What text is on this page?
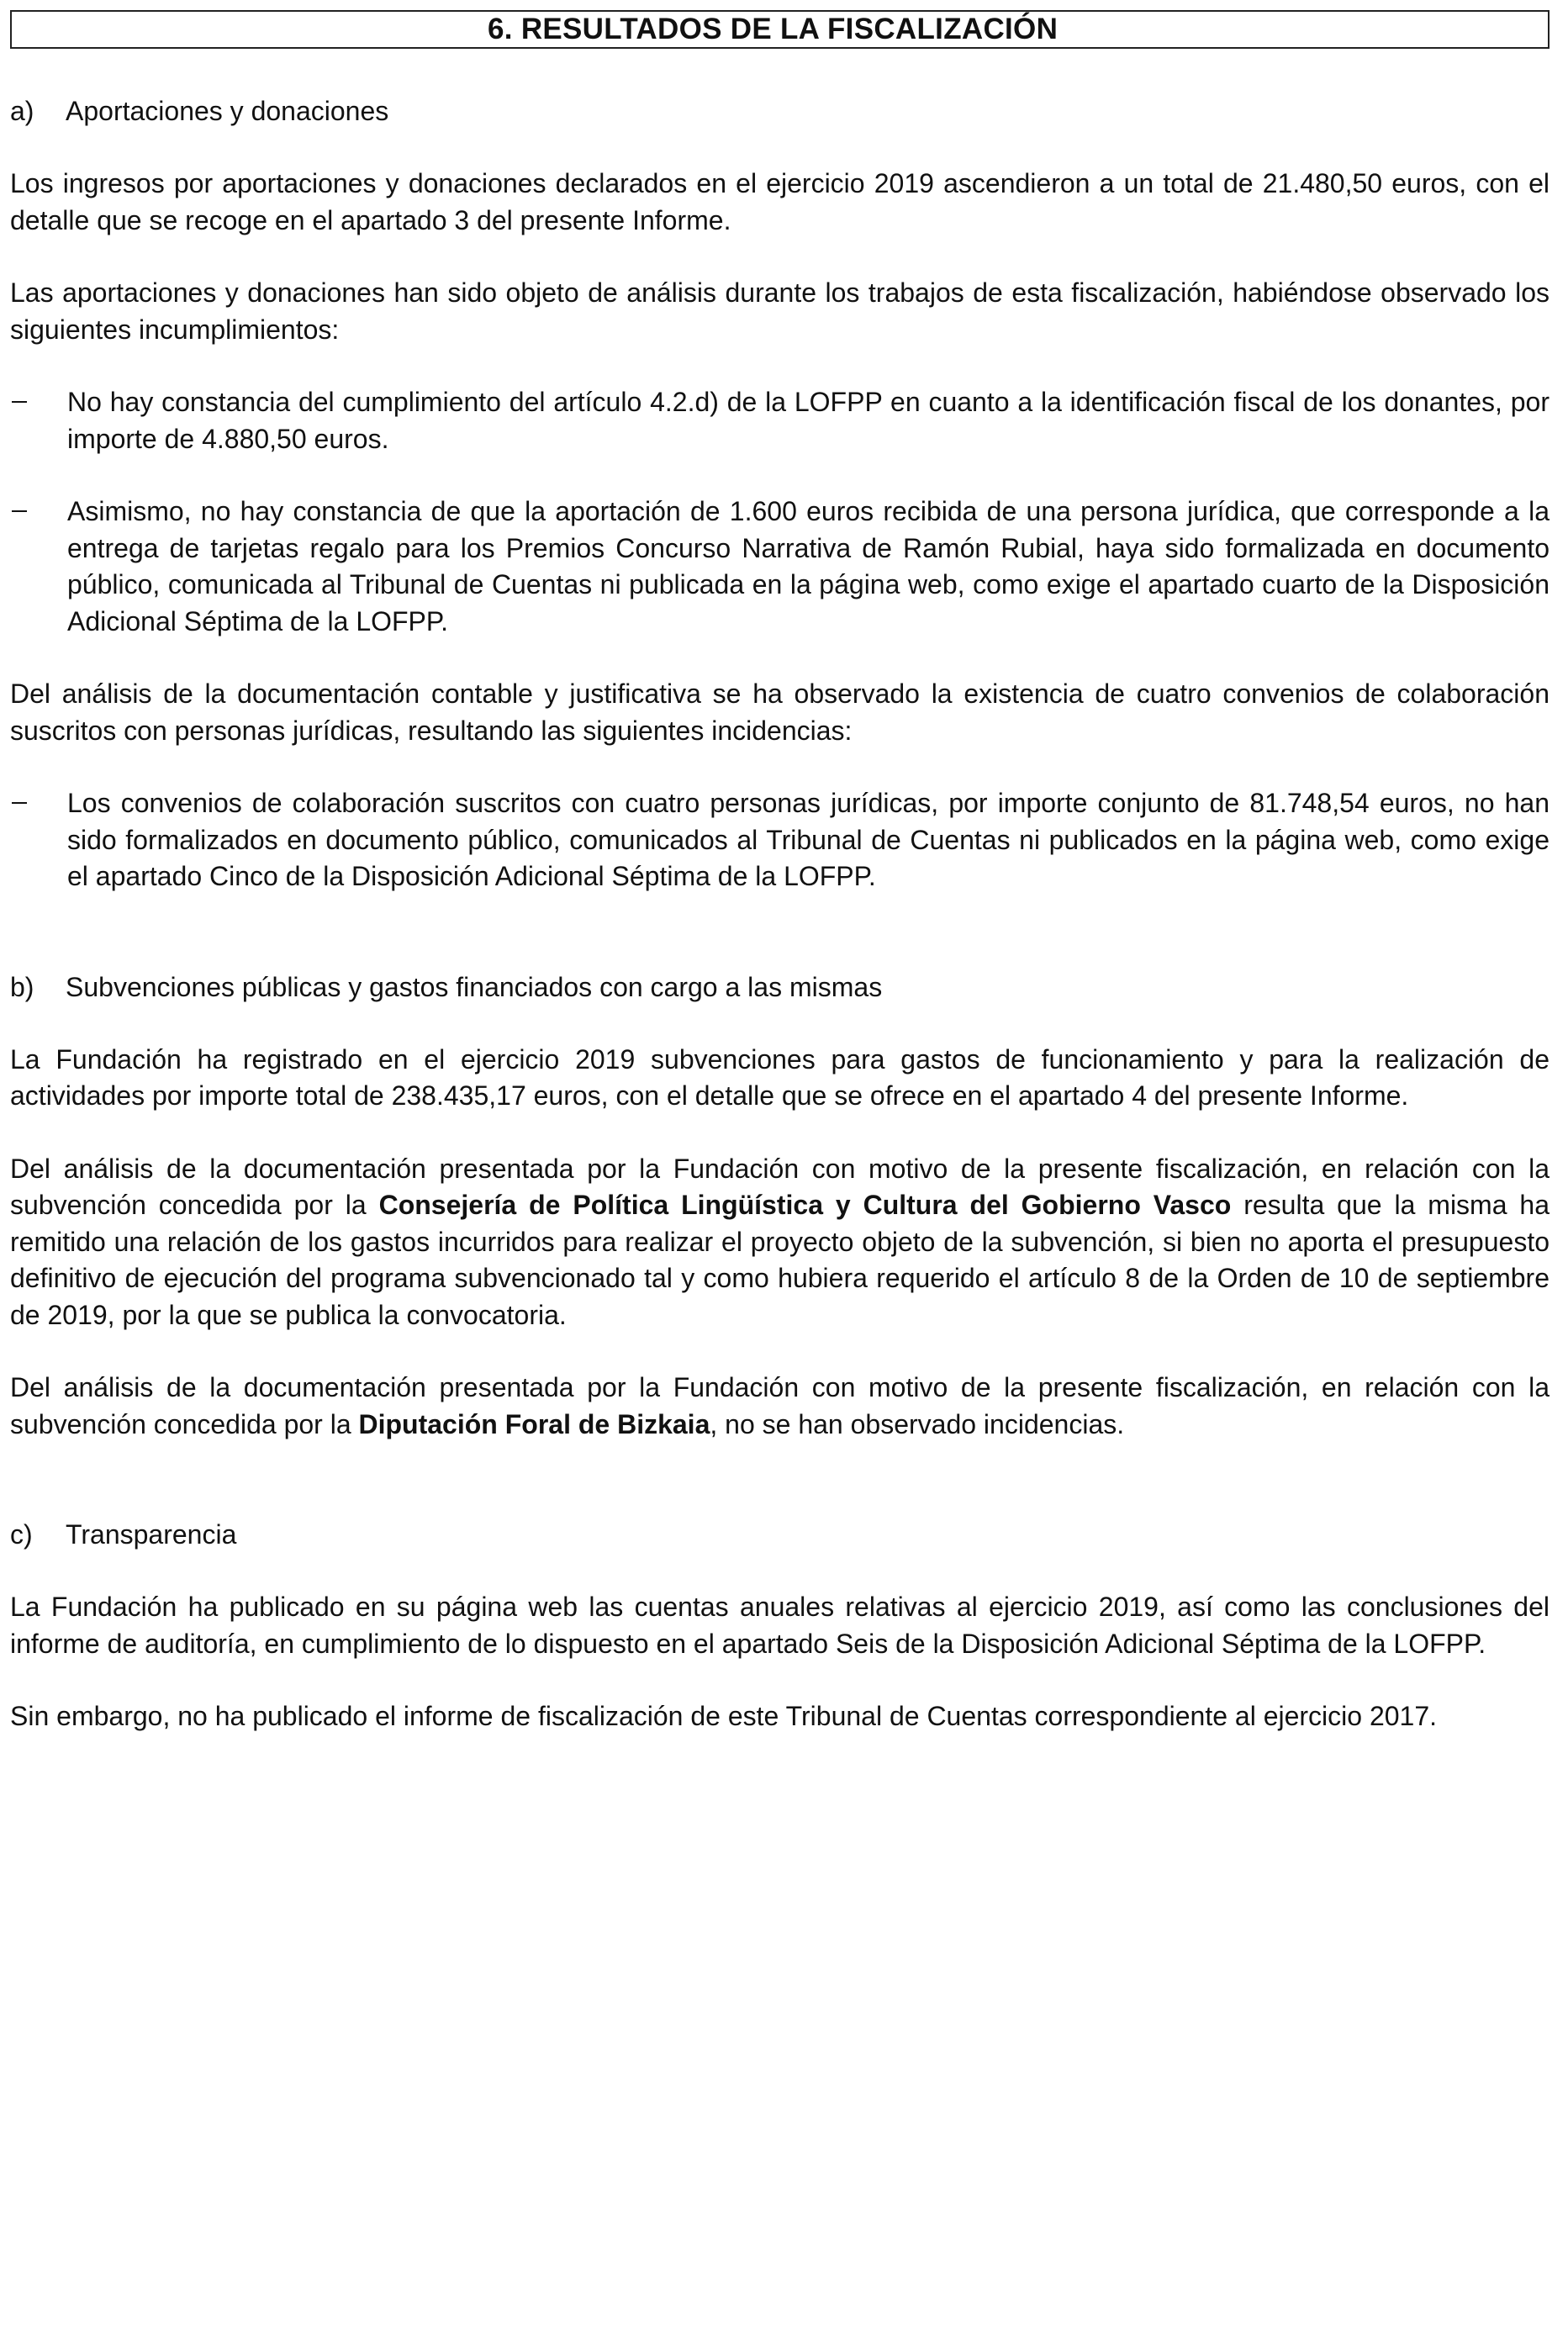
6. RESULTADOS DE LA FISCALIZACIÓN
a)	Aportaciones y donaciones

Los ingresos por aportaciones y donaciones declarados en el ejercicio 2019 ascendieron a un total de 21.480,50 euros, con el detalle que se recoge en el apartado 3 del presente Informe.

Las aportaciones y donaciones han sido objeto de análisis durante los trabajos de esta fiscalización, habiéndose observado los siguientes incumplimientos:

No hay constancia del cumplimiento del artículo 4.2.d) de la LOFPP en cuanto a la identificación fiscal de los donantes, por importe de 4.880,50 euros.
Asimismo, no hay constancia de que la aportación de 1.600 euros recibida de una persona jurídica, que corresponde a la entrega de tarjetas regalo para los Premios Concurso Narrativa de Ramón Rubial, haya sido formalizada en documento público, comunicada al Tribunal de Cuentas ni publicada en la página web, como exige el apartado cuarto de la Disposición Adicional Séptima de la LOFPP.

Del análisis de la documentación contable y justificativa se ha observado la existencia de cuatro convenios de colaboración suscritos con personas jurídicas, resultando las siguientes incidencias:

Los convenios de colaboración suscritos con cuatro personas jurídicas, por importe conjunto de 81.748,54 euros, no han sido formalizados en documento público, comunicados al Tribunal de Cuentas ni publicados en la página web, como exige el apartado Cinco de la Disposición Adicional Séptima de la LOFPP.
b)	Subvenciones públicas y gastos financiados con cargo a las mismas

La Fundación ha registrado en el ejercicio 2019 subvenciones para gastos de funcionamiento y para la realización de actividades por importe total de 238.435,17 euros, con el detalle que se ofrece en el apartado 4 del presente Informe.

Del análisis de la documentación presentada por la Fundación con motivo de la presente fiscalización, en relación con la subvención concedida por la Consejería de Política Lingüística y Cultura del Gobierno Vasco resulta que la misma ha remitido una relación de los gastos incurridos para realizar el proyecto objeto de la subvención, si bien no aporta el presupuesto definitivo de ejecución del programa subvencionado tal y como hubiera requerido el artículo 8 de la Orden de 10 de septiembre de 2019, por la que se publica la convocatoria.

Del análisis de la documentación presentada por la Fundación con motivo de la presente fiscalización, en relación con la subvención concedida por la Diputación Foral de Bizkaia, no se han observado incidencias.

c)	Transparencia

La Fundación ha publicado en su página web las cuentas anuales relativas al ejercicio 2019, así como las conclusiones del informe de auditoría, en cumplimiento de lo dispuesto en el apartado Seis de la Disposición Adicional Séptima de la LOFPP.

Sin embargo, no ha publicado el informe de fiscalización de este Tribunal de Cuentas correspondiente al ejercicio 2017.
